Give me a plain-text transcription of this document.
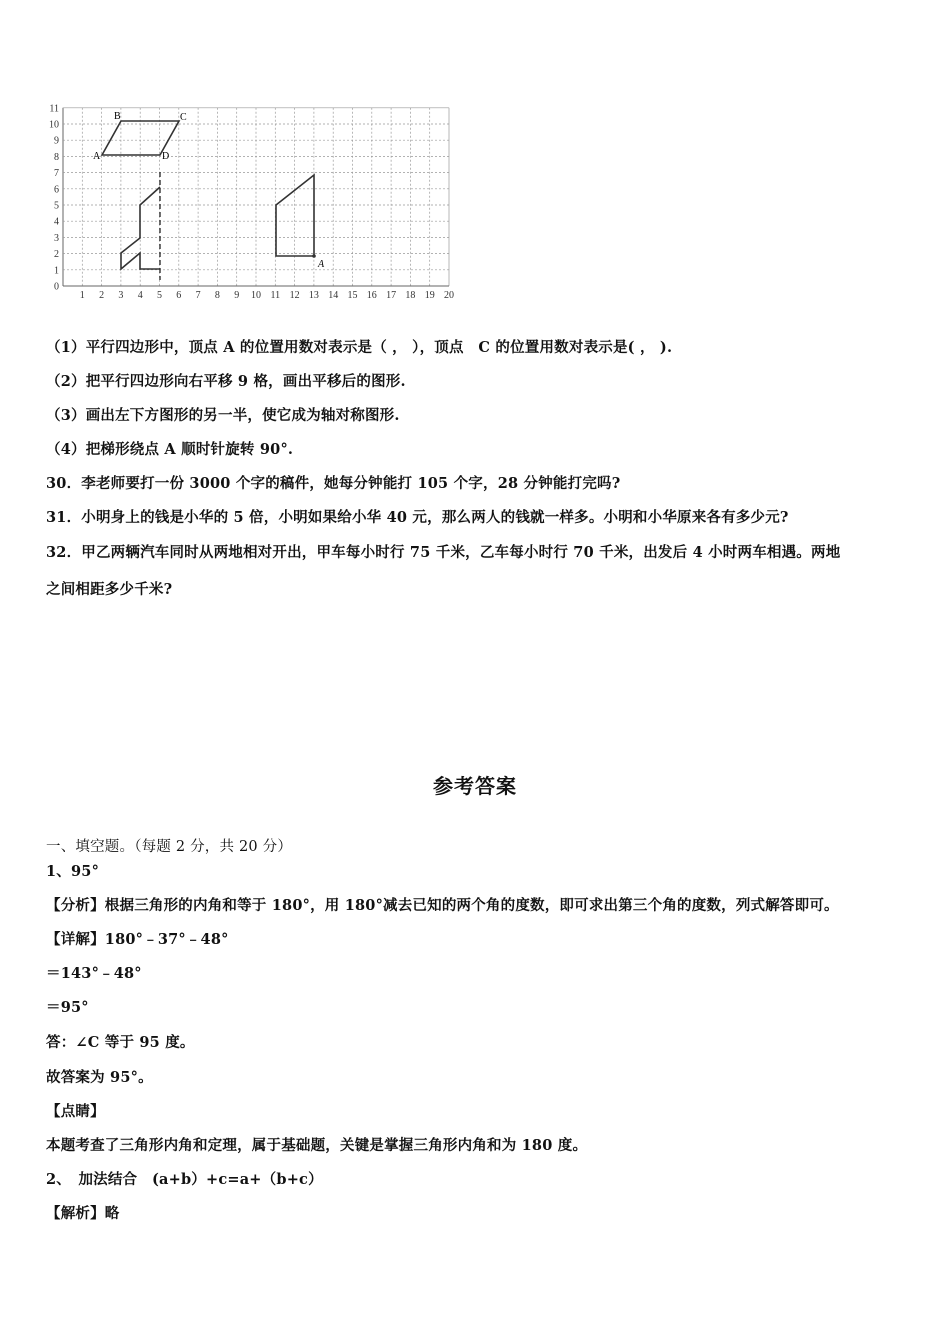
0
1
2
3
4
5
6
7
8
9
10
11
1 2 3 4 5 6 7 8 9 10 11 12 13 14 15 16 17 18 19 20
A
B	C
D
A
（1）平行四边形中，顶点 A 的位置用数对表示是（ ， ），顶点　C 的位置用数对表示是( ， ).
（2）把平行四边形向右平移 9 格，画出平移后的图形.
（3）画出左下方图形的另一半，使它成为轴对称图形.
（4）把梯形绕点 A 顺时针旋转 90°.
30．李老师要打一份 3000 个字的稿件，她每分钟能打 105 个字，28 分钟能打完吗?
31．小明身上的钱是小华的 5 倍，小明如果给小华 40 元，那么两人的钱就一样多。小明和小华原来各有多少元?
32．甲乙两辆汽车同时从两地相对开出，甲车每小时行 75 千米，乙车每小时行 70 千米，出发后 4 小时两车相遇。两地
之间相距多少千米?
参考答案
一、填空题。（每题 2 分，共 20 分）
1、95°
【分析】根据三角形的内角和等于 180°，用 180°减去已知的两个角的度数，即可求出第三个角的度数，列式解答即可。
【详解】180°﹣37°﹣48°
＝143°﹣48°
＝95°
答：∠C 等于 95 度。
故答案为 95°。
【点睛】
本题考查了三角形内角和定理，属于基础题，关键是掌握三角形内角和为 180 度。
2、　加法结合　(a+b）+c=a+（b+c）
【解析】略
